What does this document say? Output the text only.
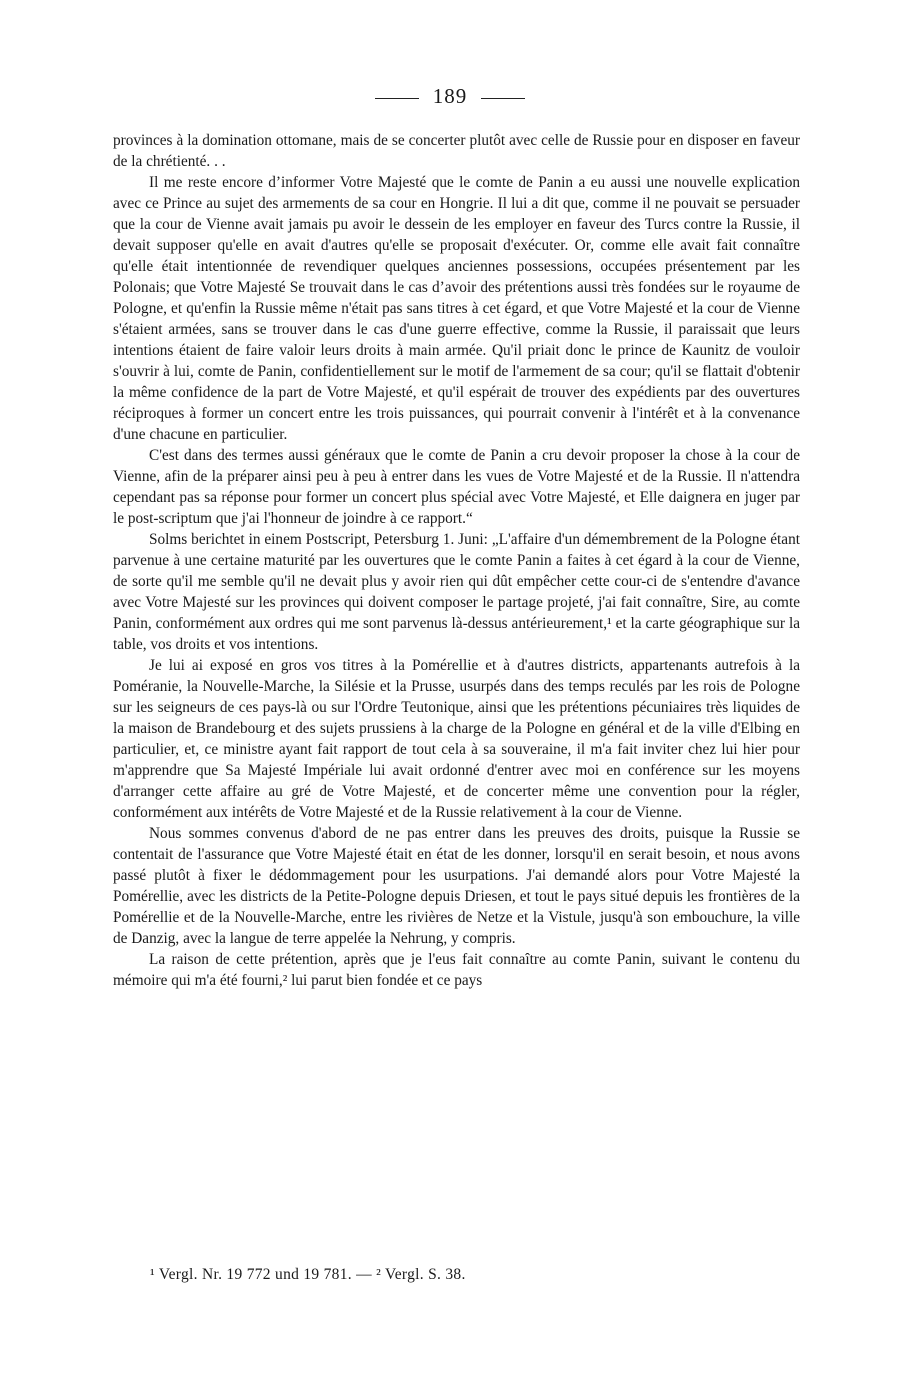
189

provinces à la domination ottomane, mais de se concerter plutôt avec celle de Russie pour en disposer en faveur de la chrétienté. . .

Il me reste encore d’informer Votre Majesté que le comte de Panin a eu aussi une nouvelle explication avec ce Prince au sujet des armements de sa cour en Hongrie. Il lui a dit que, comme il ne pouvait se persuader que la cour de Vienne avait jamais pu avoir le dessein de les employer en faveur des Turcs contre la Russie, il devait supposer qu'elle en avait d'autres qu'elle se proposait d'exécuter. Or, comme elle avait fait connaître qu'elle était intentionnée de revendiquer quelques anciennes possessions, occupées présentement par les Polonais; que Votre Majesté Se trouvait dans le cas d’avoir des prétentions aussi très fondées sur le royaume de Pologne, et qu'enfin la Russie même n'était pas sans titres à cet égard, et que Votre Majesté et la cour de Vienne s'étaient armées, sans se trouver dans le cas d'une guerre effective, comme la Russie, il paraissait que leurs intentions étaient de faire valoir leurs droits à main armée. Qu'il priait donc le prince de Kaunitz de vouloir s'ouvrir à lui, comte de Panin, confidentiellement sur le motif de l'armement de sa cour; qu'il se flattait d'obtenir la même confidence de la part de Votre Majesté, et qu'il espérait de trouver des expédients par des ouvertures réciproques à former un concert entre les trois puissances, qui pourrait convenir à l'intérêt et à la convenance d'une chacune en particulier.

C'est dans des termes aussi généraux que le comte de Panin a cru devoir proposer la chose à la cour de Vienne, afin de la préparer ainsi peu à peu à entrer dans les vues de Votre Majesté et de la Russie. Il n'attendra cependant pas sa réponse pour former un concert plus spécial avec Votre Majesté, et Elle daignera en juger par le post-scriptum que j'ai l'honneur de joindre à ce rapport.“

Solms berichtet in einem Postscript, Petersburg 1. Juni: „L'affaire d'un démembrement de la Pologne étant parvenue à une certaine maturité par les ouvertures que le comte Panin a faites à cet égard à la cour de Vienne, de sorte qu'il me semble qu'il ne devait plus y avoir rien qui dût empêcher cette cour-ci de s'entendre d'avance avec Votre Majesté sur les provinces qui doivent composer le partage projeté, j'ai fait connaître, Sire, au comte Panin, conformément aux ordres qui me sont parvenus là-dessus antérieurement,¹ et la carte géographique sur la table, vos droits et vos intentions.

Je lui ai exposé en gros vos titres à la Pomérellie et à d'autres districts, appartenants autrefois à la Poméranie, la Nouvelle-Marche, la Silésie et la Prusse, usurpés dans des temps reculés par les rois de Pologne sur les seigneurs de ces pays-là ou sur l'Ordre Teutonique, ainsi que les prétentions pécuniaires très liquides de la maison de Brandebourg et des sujets prussiens à la charge de la Pologne en général et de la ville d'Elbing en particulier, et, ce ministre ayant fait rapport de tout cela à sa souveraine, il m'a fait inviter chez lui hier pour m'apprendre que Sa Majesté Impériale lui avait ordonné d'entrer avec moi en conférence sur les moyens d'arranger cette affaire au gré de Votre Majesté, et de concerter même une convention pour la régler, conformément aux intérêts de Votre Majesté et de la Russie relativement à la cour de Vienne.

Nous sommes convenus d'abord de ne pas entrer dans les preuves des droits, puisque la Russie se contentait de l'assurance que Votre Majesté était en état de les donner, lorsqu'il en serait besoin, et nous avons passé plutôt à fixer le dédommagement pour les usurpations. J'ai demandé alors pour Votre Majesté la Pomérellie, avec les districts de la Petite-Pologne depuis Driesen, et tout le pays situé depuis les frontières de la Pomérellie et de la Nouvelle-Marche, entre les rivières de Netze et la Vistule, jusqu'à son embouchure, la ville de Danzig, avec la langue de terre appelée la Nehrung, y compris.

La raison de cette prétention, après que je l'eus fait connaître au comte Panin, suivant le contenu du mémoire qui m'a été fourni,² lui parut bien fondée et ce pays

¹ Vergl. Nr. 19 772 und 19 781. — ² Vergl. S. 38.
